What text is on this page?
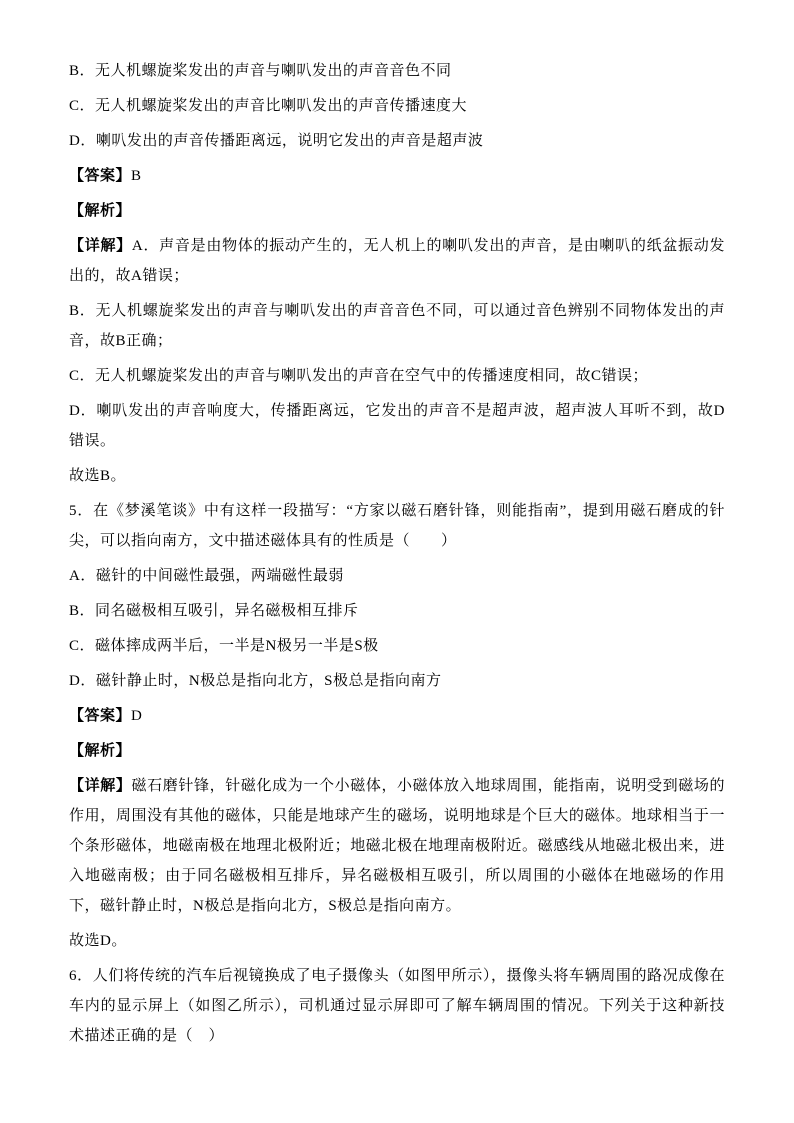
B．无人机螺旋桨发出的声音与喇叭发出的声音音色不同

C．无人机螺旋桨发出的声音比喇叭发出的声音传播速度大

D．喇叭发出的声音传播距离远，说明它发出的声音是超声波

【答案】B

【解析】

【详解】A．声音是由物体的振动产生的，无人机上的喇叭发出的声音，是由喇叭的纸盆振动发出的，故A错误；

B．无人机螺旋桨发出的声音与喇叭发出的声音音色不同，可以通过音色辨别不同物体发出的声音，故B正确；

C．无人机螺旋桨发出的声音与喇叭发出的声音在空气中的传播速度相同，故C错误；

D．喇叭发出的声音响度大，传播距离远，它发出的声音不是超声波，超声波人耳听不到，故D错误。

故选B。

5．在《梦溪笔谈》中有这样一段描写：“方家以磁石磨针锋，则能指南”，提到用磁石磨成的针尖，可以指向南方，文中描述磁体具有的性质是（　　）

A．磁针的中间磁性最强，两端磁性最弱

B．同名磁极相互吸引，异名磁极相互排斥

C．磁体摔成两半后，一半是N极另一半是S极

D．磁针静止时，N极总是指向北方，S极总是指向南方

【答案】D

【解析】

【详解】磁石磨针锋，针磁化成为一个小磁体，小磁体放入地球周围，能指南，说明受到磁场的作用，周围没有其他的磁体，只能是地球产生的磁场，说明地球是个巨大的磁体。地球相当于一个条形磁体，地磁南极在地理北极附近；地磁北极在地理南极附近。磁感线从地磁北极出来，进入地磁南极；由于同名磁极相互排斥，异名磁极相互吸引，所以周围的小磁体在地磁场的作用下，磁针静止时，N极总是指向北方，S极总是指向南方。

故选D。

6．人们将传统的汽车后视镜换成了电子摄像头（如图甲所示），摄像头将车辆周围的路况成像在车内的显示屏上（如图乙所示），司机通过显示屏即可了解车辆周围的情况。下列关于这种新技术描述正确的是（　）
